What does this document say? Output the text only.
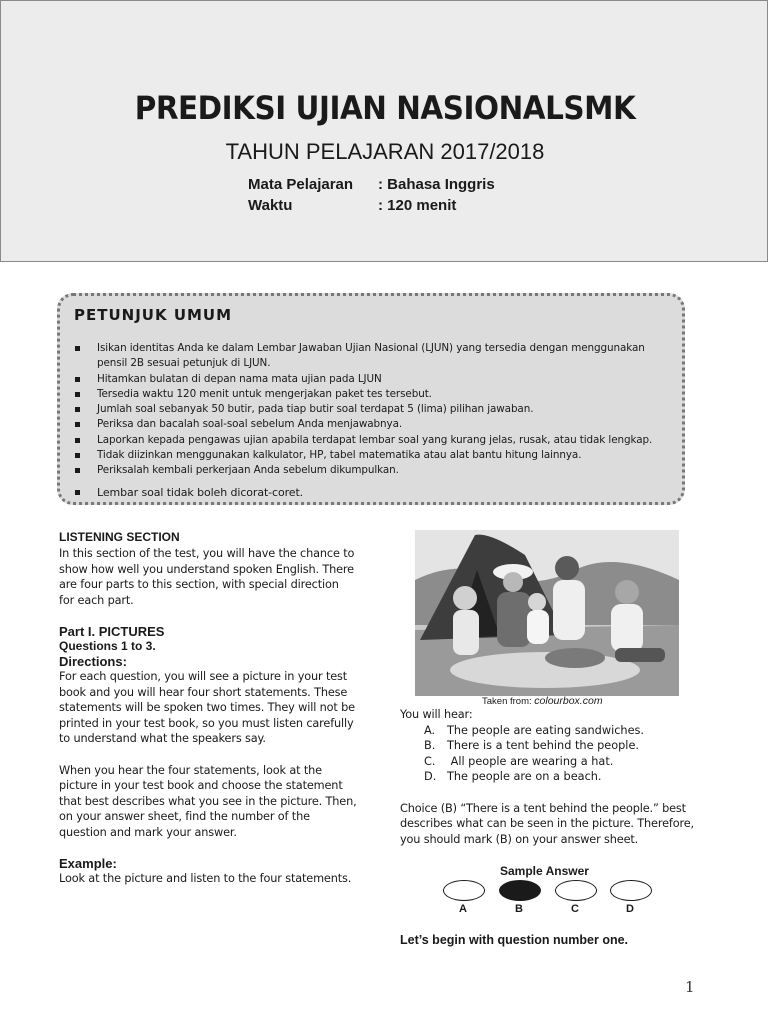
PREDIKSI UJIAN NASIONALSMK
TAHUN PELAJARAN 2017/2018
Mata Pelajaran : Bahasa Inggris
Waktu	: 120 menit
PETUNJUK UMUM
Isikan identitas Anda ke dalam Lembar Jawaban Ujian Nasional (LJUN) yang tersedia dengan menggunakan pensil 2B sesuai petunjuk di LJUN.
Hitamkan bulatan di depan nama mata ujian pada LJUN
Tersedia waktu 120 menit untuk mengerjakan paket tes tersebut.
Jumlah soal sebanyak 50 butir, pada tiap butir soal terdapat 5 (lima) pilihan jawaban.
Periksa dan bacalah soal-soal sebelum Anda menjawabnya.
Laporkan kepada pengawas ujian apabila terdapat lembar soal yang kurang jelas, rusak, atau tidak lengkap.
Tidak diizinkan menggunakan kalkulator, HP, tabel matematika atau alat bantu hitung lainnya.
Periksalah kembali perkerjaan Anda sebelum dikumpulkan.
Lembar soal tidak boleh dicorat-coret.

LISTENING SECTION

In this section of the test, you will have the chance to show how well you understand spoken English. There are four parts to this section, with special direction for each part.

Part I. PICTURES

Questions 1 to 3.

Directions:

For each question, you will see a picture in your test book and you will hear four short statements. These statements will be spoken two times. They will not be printed in your test book, so you must listen carefully to understand what the speakers say.

When you hear the four statements, look at the picture in your test book and choose the statement that best describes what you see in the picture. Then, on your answer sheet, find the number of the question and mark your answer.

Example:

Look at the picture and listen to the four statements.

Taken from: colourbox.com

You will hear:

A. The people are eating sandwiches.
B. There is a tent behind the people.
C. All people are wearing a hat.
D. The people are on a beach.

Choice (B) “There is a tent behind the people.” best describes what can be seen in the picture. Therefore, you should mark (B) on your answer sheet.

Sample Answer
A	B	C	D
Let’s begin with question number one.
1
